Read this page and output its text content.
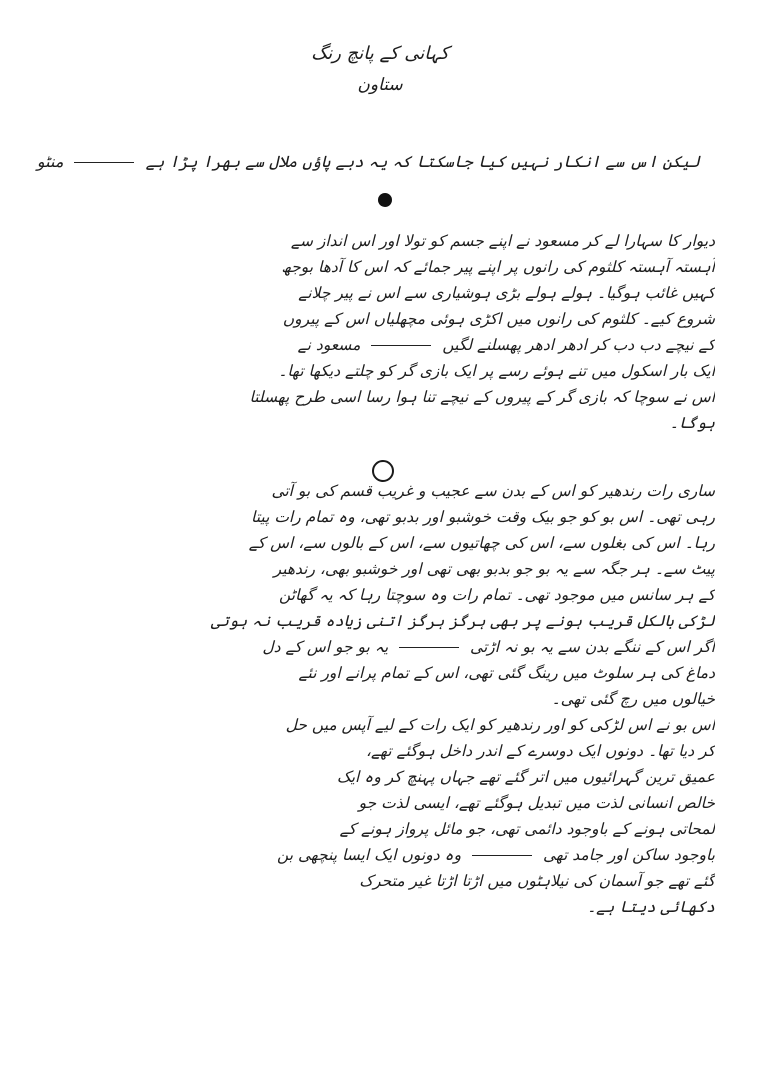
کہانی کے پانچ رنگ
ستاون
لیکن اس سے انکار نہیں کیا جاسکتا کہ یہ دبے پاؤں ملال سے بھرا پڑا ہے  منٹو
دیوار کا سہارا لے کر مسعود نے اپنے جسم کو تولا اور اس انداز سے
آہستہ آہستہ کلثوم کی رانوں پر اپنے پیر جمائے کہ اس کا آدھا بوجھ
کہیں غائب ہوگیا۔ ہولے ہولے بڑی ہوشیاری سے اس نے پیر چلانے
شروع کیے۔ کلثوم کی رانوں میں اکڑی ہوئی مچھلیاں اس کے پیروں
کے نیچے دب دب کر ادھر ادھر پھسلنے لگیں  مسعود نے
ایک بار اسکول میں تنے ہوئے رسے پر ایک بازی گر کو چلتے دیکھا تھا۔
اس نے سوچا کہ بازی گر کے پیروں کے نیچے تنا ہوا رسا اسی طرح پھسلتا
ہوگا۔
ساری رات رندھیر کو اس کے بدن سے عجیب و غریب قسم کی بو آتی
رہی تھی۔ اس بو کو جو بیک وقت خوشبو اور بدبو تھی، وہ تمام رات پیتا
رہا۔ اس کی بغلوں سے، اس کی چھاتیوں سے، اس کے بالوں سے، اس کے
پیٹ سے۔ ہر جگہ سے یہ بو جو بدبو بھی تھی اور خوشبو بھی، رندھیر
کے ہر سانس میں موجود تھی۔ تمام رات وہ سوچتا رہا کہ یہ گھاٹن
لڑکی بالکل قریب ہونے پر بھی ہرگز ہرگز اتنی زیادہ قریب نہ ہوتی
اگر اس کے ننگے بدن سے یہ بو نہ اڑتی  یہ بو جو اس کے دل
دماغ کی ہر سلوٹ میں رینگ گئی تھی، اس کے تمام پرانے اور نئے
خیالوں میں رچ گئی تھی۔
اس بو نے اس لڑکی کو اور رندھیر کو ایک رات کے لیے آپس میں حل
کر دیا تھا۔ دونوں ایک دوسرے کے اندر داخل ہوگئے تھے،
عمیق ترین گہرائیوں میں اتر گئے تھے جہاں پہنچ کر وہ ایک
خالص انسانی لذت میں تبدیل ہوگئے تھے، ایسی لذت جو
لمحاتی ہونے کے باوجود دائمی تھی، جو مائل پرواز ہونے کے
باوجود ساکن اور جامد تھی  وہ دونوں ایک ایسا پنچھی بن
گئے تھے جو آسمان کی نیلاہٹوں میں اڑتا اڑتا غیر متحرک
دکھائی دیتا ہے۔
